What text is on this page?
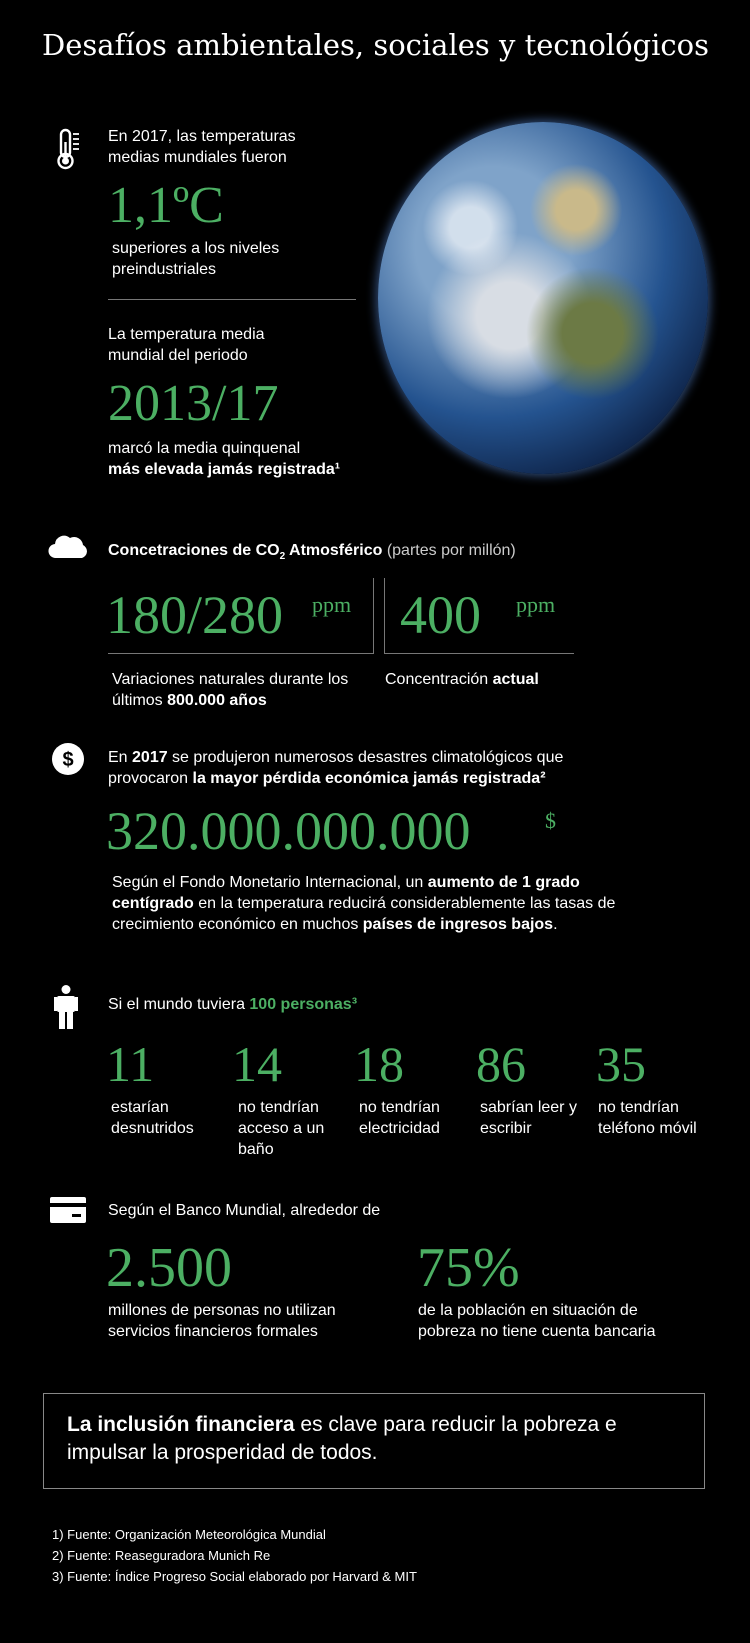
Desafíos ambientales, sociales y tecnológicos
En 2017, las temperaturas medias mundiales fueron
1,1ºC
superiores a los niveles preindustriales
La temperatura media mundial del periodo
2013/17
marcó la media quinquenal
más elevada jamás registrada¹
Concetraciones de $CO_2$ Atmosférico (partes por millón)
180/280 ppm 400 ppm
Variaciones naturales durante los últimos 800.000 años
Concentración actual
$ En 2017 se produjeron numerosos desastres climatológicos que provocaron la mayor pérdida económica jamás registrada²
320.000.000.000	$
Según el Fondo Monetario Internacional, un aumento de 1 grado centígrado en la temperatura reducirá considerablemente las tasas de crecimiento económico en muchos países de ingresos bajos.
Si el mundo tuviera 100 personas³
11
estarían desnutridos
14
no tendrían acceso a un baño
18
no tendrían electricidad
86
sabrían leer y escribir
35
no tendrían teléfono móvil
Según el Banco Mundial, alrededor de
2.500
millones de personas no utilizan servicios financieros formales
75%
de la población en situación de pobreza no tiene cuenta bancaria
La inclusión financiera es clave para reducir la pobreza e impulsar la prosperidad de todos.
1) Fuente: Organización Meteorológica Mundial
2) Fuente: Reaseguradora Munich Re
3) Fuente: Índice Progreso Social elaborado por Harvard & MIT
